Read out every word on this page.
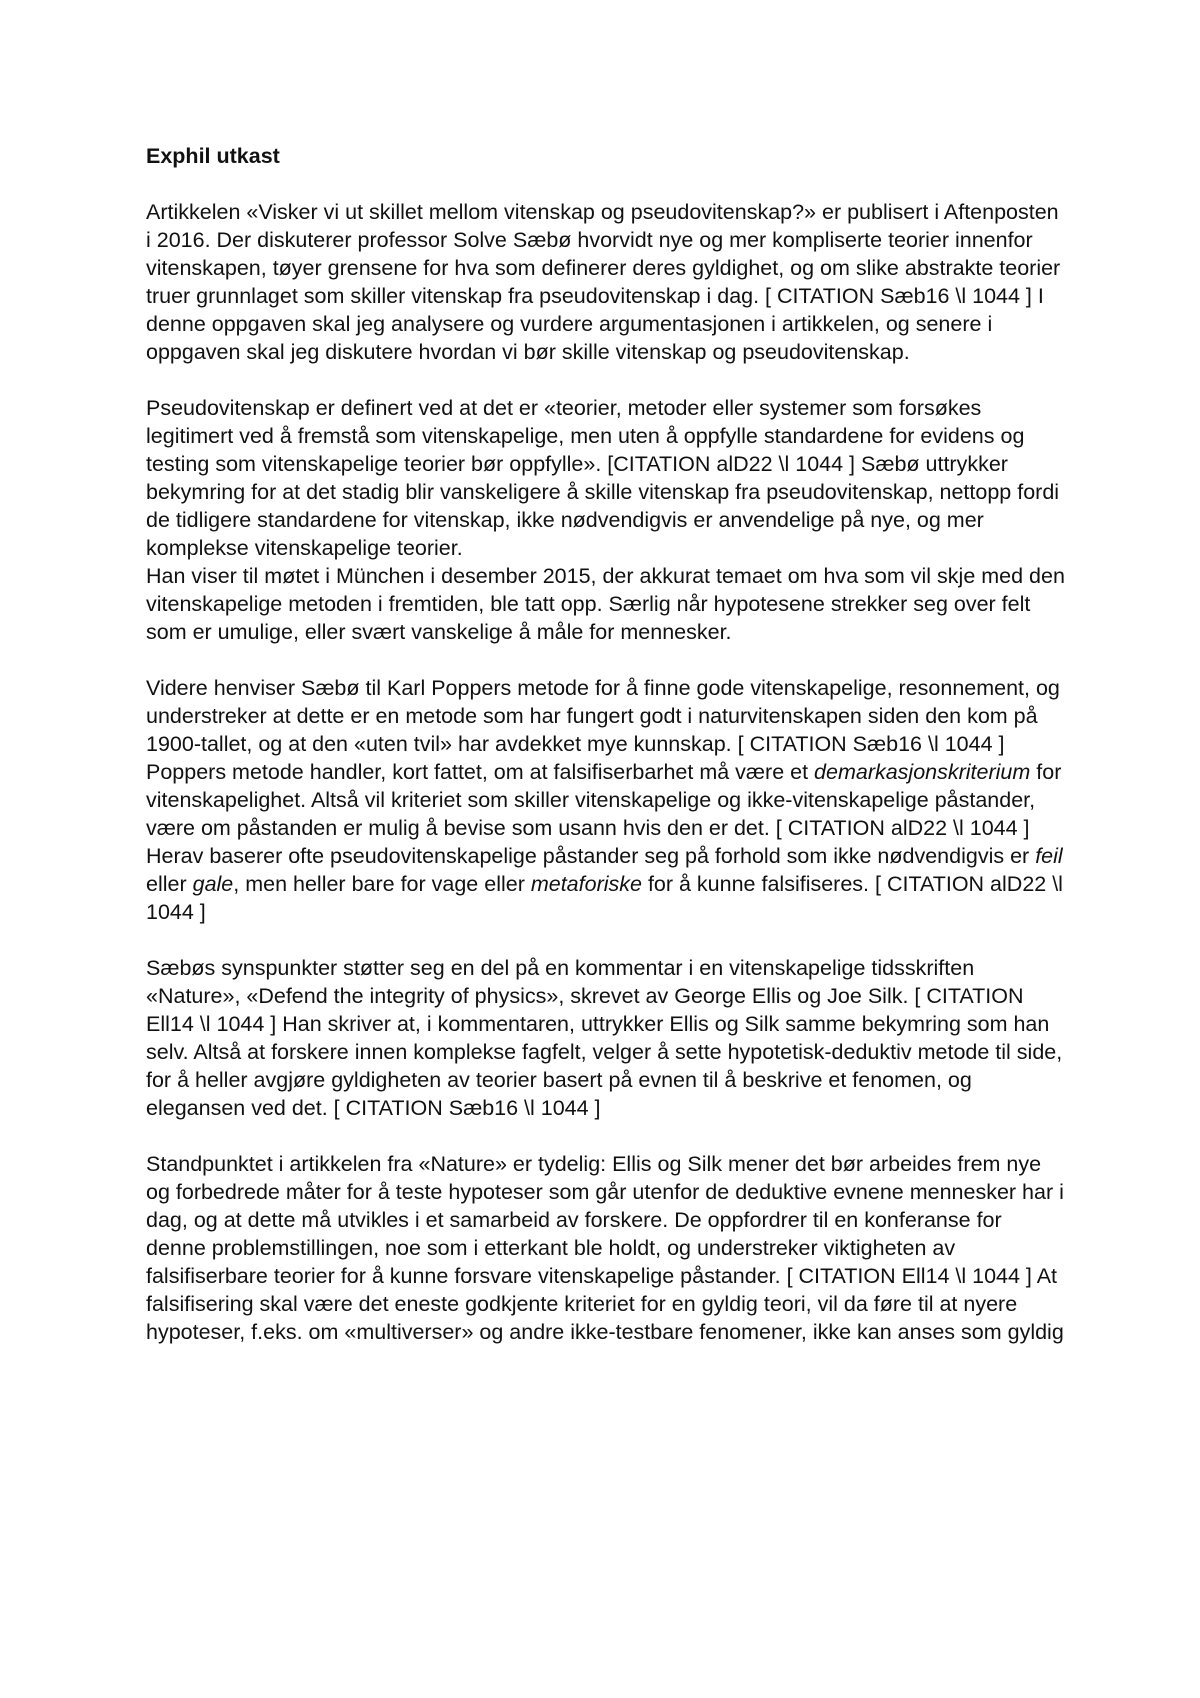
Exphil utkast

Artikkelen «Visker vi ut skillet mellom vitenskap og pseudovitenskap?» er publisert i Aftenposten i 2016. Der diskuterer professor Solve Sæbø hvorvidt nye og mer kompliserte teorier innenfor vitenskapen, tøyer grensene for hva som definerer deres gyldighet, og om slike abstrakte teorier truer grunnlaget som skiller vitenskap fra pseudovitenskap i dag. [ CITATION Sæb16 \l 1044 ] I denne oppgaven skal jeg analysere og vurdere argumentasjonen i artikkelen, og senere i oppgaven skal jeg diskutere hvordan vi bør skille vitenskap og pseudovitenskap.

Pseudovitenskap er definert ved at det er «teorier, metoder eller systemer som forsøkes legitimert ved å fremstå som vitenskapelige, men uten å oppfylle standardene for evidens og testing som vitenskapelige teorier bør oppfylle». [CITATION alD22 \l 1044 ] Sæbø uttrykker bekymring for at det stadig blir vanskeligere å skille vitenskap fra pseudovitenskap, nettopp fordi de tidligere standardene for vitenskap, ikke nødvendigvis er anvendelige på nye, og mer komplekse vitenskapelige teorier.

Han viser til møtet i München i desember 2015, der akkurat temaet om hva som vil skje med den vitenskapelige metoden i fremtiden, ble tatt opp. Særlig når hypotesene strekker seg over felt som er umulige, eller svært vanskelige å måle for mennesker.

Videre henviser Sæbø til Karl Poppers metode for å finne gode vitenskapelige, resonnement, og understreker at dette er en metode som har fungert godt i naturvitenskapen siden den kom på 1900-tallet, og at den «uten tvil» har avdekket mye kunnskap. [ CITATION Sæb16 \l 1044 ] Poppers metode handler, kort fattet, om at falsifiserbarhet må være et demarkasjonskriterium for vitenskapelighet. Altså vil kriteriet som skiller vitenskapelige og ikke-vitenskapelige påstander, være om påstanden er mulig å bevise som usann hvis den er det. [ CITATION alD22 \l 1044 ] Herav baserer ofte pseudovitenskapelige påstander seg på forhold som ikke nødvendigvis er feil eller gale, men heller bare for vage eller metaforiske for å kunne falsifiseres. [ CITATION alD22 \l 1044 ]

Sæbøs synspunkter støtter seg en del på en kommentar i en vitenskapelige tidsskriften «Nature», «Defend the integrity of physics», skrevet av George Ellis og Joe Silk. [ CITATION Ell14 \l 1044 ] Han skriver at, i kommentaren, uttrykker Ellis og Silk samme bekymring som han selv. Altså at forskere innen komplekse fagfelt, velger å sette hypotetisk-deduktiv metode til side, for å heller avgjøre gyldigheten av teorier basert på evnen til å beskrive et fenomen, og elegansen ved det. [ CITATION Sæb16 \l 1044 ]

Standpunktet i artikkelen fra «Nature» er tydelig: Ellis og Silk mener det bør arbeides frem nye og forbedrede måter for å teste hypoteser som går utenfor de deduktive evnene mennesker har i dag, og at dette må utvikles i et samarbeid av forskere. De oppfordrer til en konferanse for denne problemstillingen, noe som i etterkant ble holdt, og understreker viktigheten av falsifiserbare teorier for å kunne forsvare vitenskapelige påstander. [ CITATION Ell14 \l 1044 ] At falsifisering skal være det eneste godkjente kriteriet for en gyldig teori, vil da føre til at nyere hypoteser, f.eks. om «multiverser» og andre ikke-testbare fenomener, ikke kan anses som gyldig
